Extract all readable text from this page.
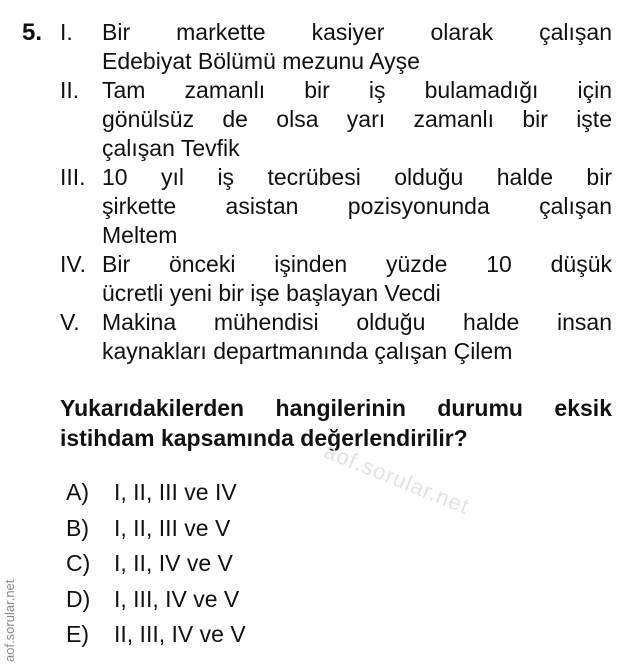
5. I.	Bir markette kasiyer olarak çalışan
Edebiyat Bölümü mezunu Ayşe
II. Tam zamanlı bir iş bulamadığı için
gönülsüz de olsa yarı zamanlı bir işte
çalışan Tevfik
III. 10 yıl iş tecrübesi olduğu halde bir
şirkette asistan pozisyonunda çalışan
Meltem
IV. Bir önceki işinden yüzde 10 düşük
ücretli yeni bir işe başlayan Vecdi
V. Makina mühendisi olduğu halde insan
kaynakları departmanında çalışan Çilem
Yukarıdakilerden hangilerinin durumu eksik
istihdam kapsamında değerlendirilir?
A)	I, II, III ve IV
B)	I, II, III ve V
C)	I, II, IV ve V
D)	I, III, IV ve V
E)	II, III, IV ve V
aof.sorular.net
aof.sorular.net
